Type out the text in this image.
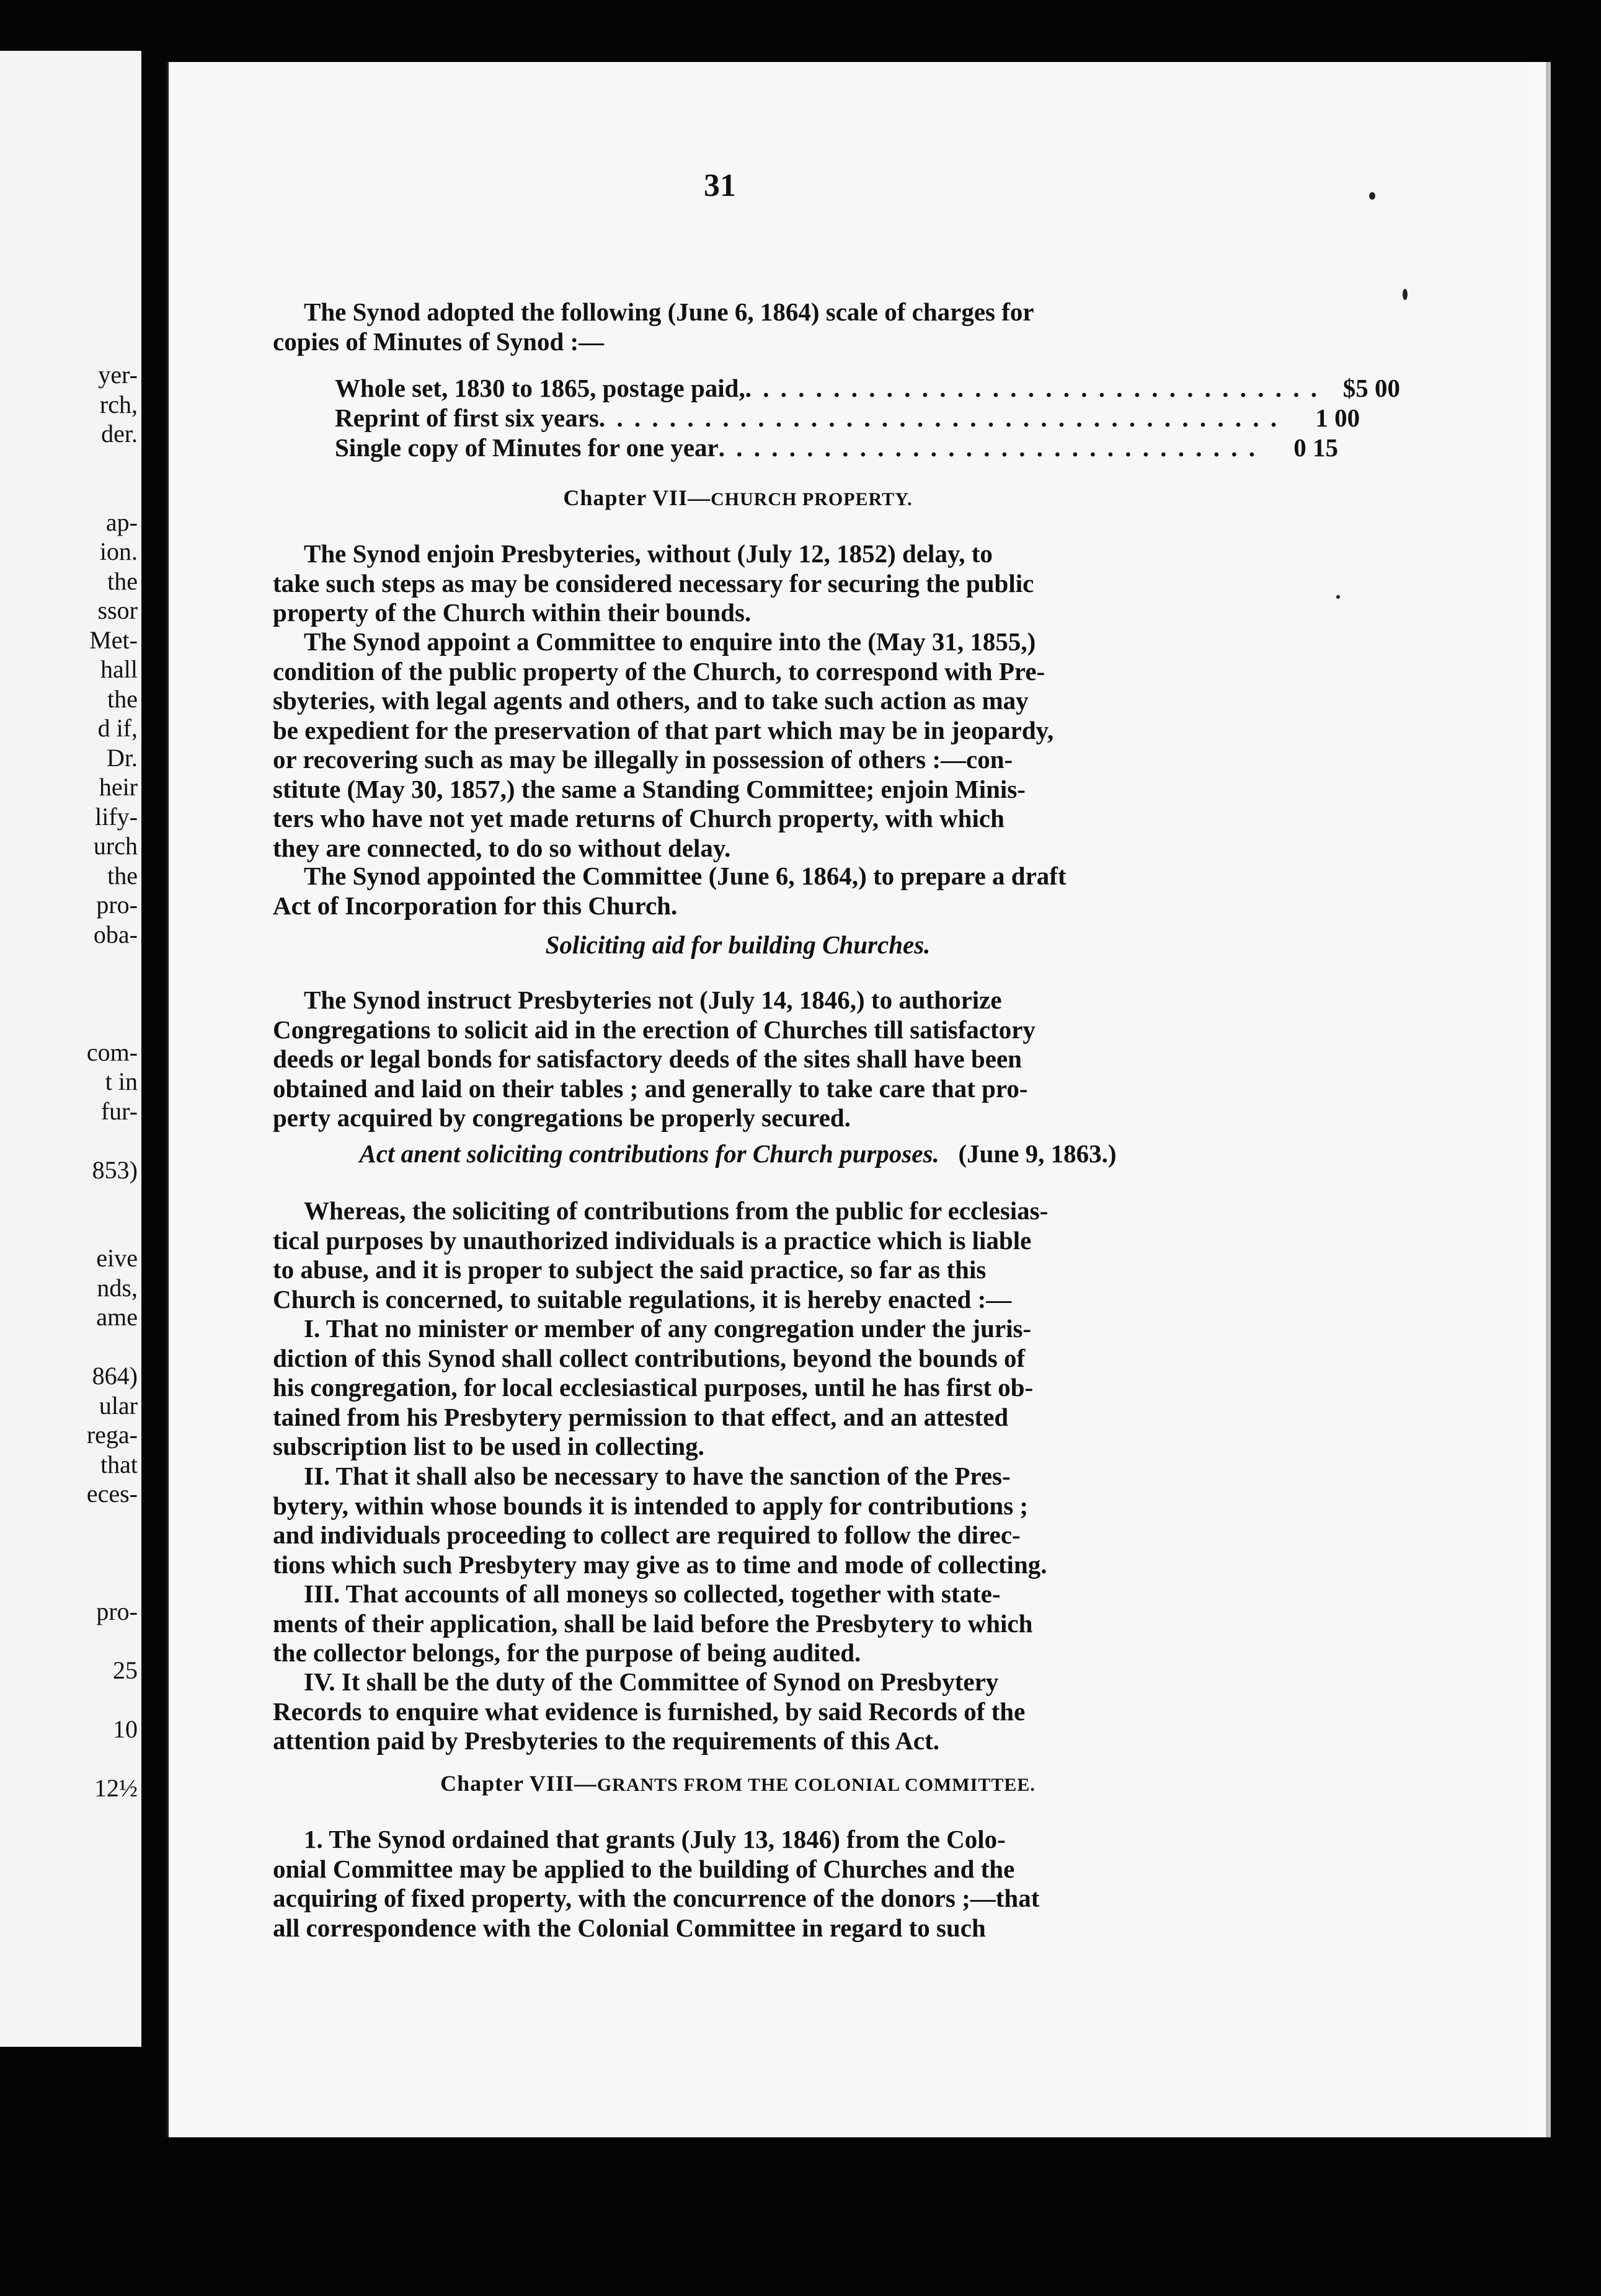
yer-
rch,
der.
ap-
ion.
the
ssor
Met-
hall
the
d if,
Dr.
heir
lify-
urch
the
pro-
oba-
com-
t in
fur-
853)
eive
nds,
ame
864)
ular
rega-
that
eces-
pro-
25
10
12½
31
The Synod adopted the following (June 6, 1864) scale of charges for
copies of Minutes of Synod :—
Whole set, 1830 to 1865, postage paid, . . . . . . . . . . . . . . . . . . . . . . . . . . . . . . . . . $5 00
Reprint of first six years . . . . . . . . . . . . . . . . . . . . . . . . . . . . . . . . . . . . . . .	1 00
Single copy of Minutes for one year . . . . . . . . . . . . . . . . . . . . . . . . . . . . . . .	0 15
Chapter VII—CHURCH PROPERTY.
The Synod enjoin Presbyteries, without (July 12, 1852) delay, to
take such steps as may be considered necessary for securing the public
property of the Church within their bounds.
The Synod appoint a Committee to enquire into the (May 31, 1855,)
condition of the public property of the Church, to correspond with Pre-
sbyteries, with legal agents and others, and to take such action as may
be expedient for the preservation of that part which may be in jeopardy,
or recovering such as may be illegally in possession of others :—con-
stitute (May 30, 1857,) the same a Standing Committee; enjoin Minis-
ters who have not yet made returns of Church property, with which
they are connected, to do so without delay.
The Synod appointed the Committee (June 6, 1864,) to prepare a draft
Act of Incorporation for this Church.
Soliciting aid for building Churches.
The Synod instruct Presbyteries not (July 14, 1846,) to authorize
Congregations to solicit aid in the erection of Churches till satisfactory
deeds or legal bonds for satisfactory deeds of the sites shall have been
obtained and laid on their tables ; and generally to take care that pro-
perty acquired by congregations be properly secured.
Act anent soliciting contributions for Church purposes. (June 9, 1863.)
Whereas, the soliciting of contributions from the public for ecclesias-
tical purposes by unauthorized individuals is a practice which is liable
to abuse, and it is proper to subject the said practice, so far as this
Church is concerned, to suitable regulations, it is hereby enacted :—
I. That no minister or member of any congregation under the juris-
diction of this Synod shall collect contributions, beyond the bounds of
his congregation, for local ecclesiastical purposes, until he has first ob-
tained from his Presbytery permission to that effect, and an attested
subscription list to be used in collecting.
II. That it shall also be necessary to have the sanction of the Pres-
bytery, within whose bounds it is intended to apply for contributions ;
and individuals proceeding to collect are required to follow the direc-
tions which such Presbytery may give as to time and mode of collecting.
III. That accounts of all moneys so collected, together with state-
ments of their application, shall be laid before the Presbytery to which
the collector belongs, for the purpose of being audited.
IV. It shall be the duty of the Committee of Synod on Presbytery
Records to enquire what evidence is furnished, by said Records of the
attention paid by Presbyteries to the requirements of this Act.
Chapter VIII—GRANTS FROM THE COLONIAL COMMITTEE.
1. The Synod ordained that grants (July 13, 1846) from the Colo-
onial Committee may be applied to the building of Churches and the
acquiring of fixed property, with the concurrence of the donors ;—that
all correspondence with the Colonial Committee in regard to such
